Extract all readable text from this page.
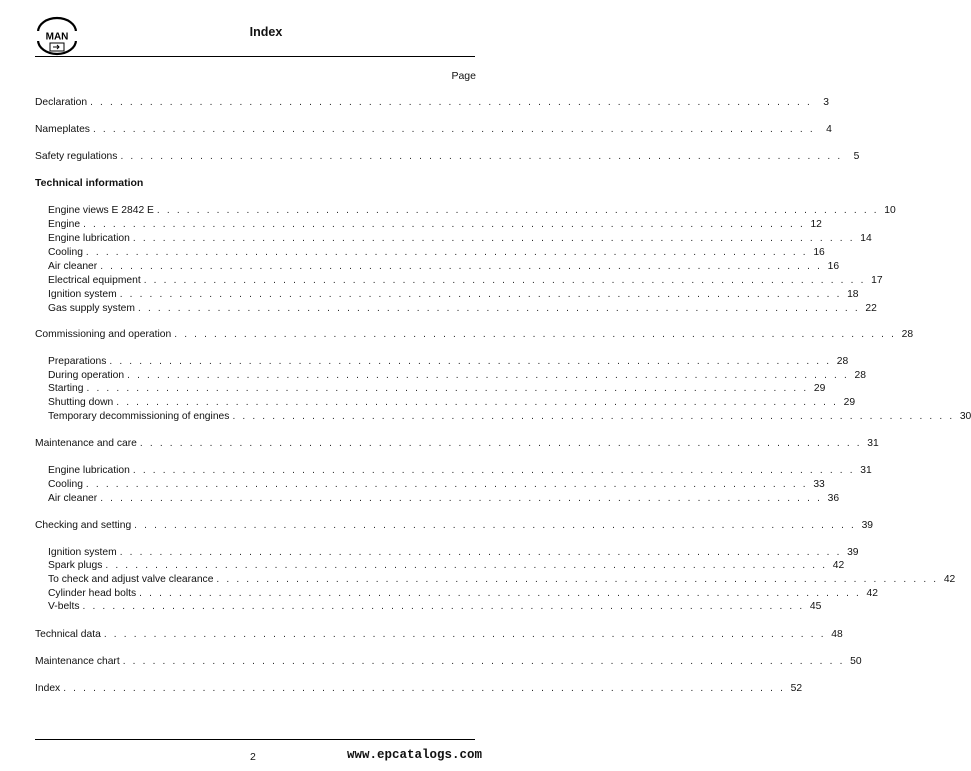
MAN	Index
Page
2	www.epcatalogs.com
Declaration . . . . . . . . . . . . . . . . . . . . . . . . . . . . . . . . . . . . . . . . . . . . . . . . . . . . . . . . . . . . . . . . . . . . . . . . .	3
Nameplates . . . . . . . . . . . . . . . . . . . . . . . . . . . . . . . . . . . . . . . . . . . . . . . . . . . . . . . . . . . . . . . . . . . . . . . . .	4
Safety regulations . . . . . . . . . . . . . . . . . . . . . . . . . . . . . . . . . . . . . . . . . . . . . . . . . . . . . . . . . . . . . . . . . . . . . . . . .	5
Technical information
Engine views E 2842 E . . . . . . . . . . . . . . . . . . . . . . . . . . . . . . . . . . . . . . . . . . . . . . . . . . . . . . . . . . . . . . . . . . . . . . . . . 10
Engine . . . . . . . . . . . . . . . . . . . . . . . . . . . . . . . . . . . . . . . . . . . . . . . . . . . . . . . . . . . . . . . . . . . . . . . . . 12
Engine lubrication . . . . . . . . . . . . . . . . . . . . . . . . . . . . . . . . . . . . . . . . . . . . . . . . . . . . . . . . . . . . . . . . . . . . . . . . . 14
Cooling . . . . . . . . . . . . . . . . . . . . . . . . . . . . . . . . . . . . . . . . . . . . . . . . . . . . . . . . . . . . . . . . . . . . . . . . . 16
Air cleaner . . . . . . . . . . . . . . . . . . . . . . . . . . . . . . . . . . . . . . . . . . . . . . . . . . . . . . . . . . . . . . . . . . . . . . . . . 16
Electrical equipment . . . . . . . . . . . . . . . . . . . . . . . . . . . . . . . . . . . . . . . . . . . . . . . . . . . . . . . . . . . . . . . . . . . . . . . . . 17
Ignition system . . . . . . . . . . . . . . . . . . . . . . . . . . . . . . . . . . . . . . . . . . . . . . . . . . . . . . . . . . . . . . . . . . . . . . . . . 18
Gas supply system . . . . . . . . . . . . . . . . . . . . . . . . . . . . . . . . . . . . . . . . . . . . . . . . . . . . . . . . . . . . . . . . . . . . . . . . . 22
Commissioning and operation . . . . . . . . . . . . . . . . . . . . . . . . . . . . . . . . . . . . . . . . . . . . . . . . . . . . . . . . . . . . . . . . . . . . . . . . . 28
Preparations . . . . . . . . . . . . . . . . . . . . . . . . . . . . . . . . . . . . . . . . . . . . . . . . . . . . . . . . . . . . . . . . . . . . . . . . . 28
During operation . . . . . . . . . . . . . . . . . . . . . . . . . . . . . . . . . . . . . . . . . . . . . . . . . . . . . . . . . . . . . . . . . . . . . . . . . 28
Starting . . . . . . . . . . . . . . . . . . . . . . . . . . . . . . . . . . . . . . . . . . . . . . . . . . . . . . . . . . . . . . . . . . . . . . . . . 29
Shutting down . . . . . . . . . . . . . . . . . . . . . . . . . . . . . . . . . . . . . . . . . . . . . . . . . . . . . . . . . . . . . . . . . . . . . . . . . 29
Temporary decommissioning of engines . . . . . . . . . . . . . . . . . . . . . . . . . . . . . . . . . . . . . . . . . . . . . . . . . . . . . . . . . . . . . . . . . . . . . . . . . 30
Maintenance and care . . . . . . . . . . . . . . . . . . . . . . . . . . . . . . . . . . . . . . . . . . . . . . . . . . . . . . . . . . . . . . . . . . . . . . . . . 31
Engine lubrication . . . . . . . . . . . . . . . . . . . . . . . . . . . . . . . . . . . . . . . . . . . . . . . . . . . . . . . . . . . . . . . . . . . . . . . . . 31
Cooling . . . . . . . . . . . . . . . . . . . . . . . . . . . . . . . . . . . . . . . . . . . . . . . . . . . . . . . . . . . . . . . . . . . . . . . . . 33
Air cleaner . . . . . . . . . . . . . . . . . . . . . . . . . . . . . . . . . . . . . . . . . . . . . . . . . . . . . . . . . . . . . . . . . . . . . . . . . 36
Checking and setting . . . . . . . . . . . . . . . . . . . . . . . . . . . . . . . . . . . . . . . . . . . . . . . . . . . . . . . . . . . . . . . . . . . . . . . . . 39
Ignition system . . . . . . . . . . . . . . . . . . . . . . . . . . . . . . . . . . . . . . . . . . . . . . . . . . . . . . . . . . . . . . . . . . . . . . . . . 39
Spark plugs . . . . . . . . . . . . . . . . . . . . . . . . . . . . . . . . . . . . . . . . . . . . . . . . . . . . . . . . . . . . . . . . . . . . . . . . . 42
To check and adjust valve clearance . . . . . . . . . . . . . . . . . . . . . . . . . . . . . . . . . . . . . . . . . . . . . . . . . . . . . . . . . . . . . . . . . . . . . . . . . 42
Cylinder head bolts . . . . . . . . . . . . . . . . . . . . . . . . . . . . . . . . . . . . . . . . . . . . . . . . . . . . . . . . . . . . . . . . . . . . . . . . . 42
V-belts . . . . . . . . . . . . . . . . . . . . . . . . . . . . . . . . . . . . . . . . . . . . . . . . . . . . . . . . . . . . . . . . . . . . . . . . . 45
Technical data . . . . . . . . . . . . . . . . . . . . . . . . . . . . . . . . . . . . . . . . . . . . . . . . . . . . . . . . . . . . . . . . . . . . . . . . . 48
Maintenance chart . . . . . . . . . . . . . . . . . . . . . . . . . . . . . . . . . . . . . . . . . . . . . . . . . . . . . . . . . . . . . . . . . . . . . . . . . 50
Index . . . . . . . . . . . . . . . . . . . . . . . . . . . . . . . . . . . . . . . . . . . . . . . . . . . . . . . . . . . . . . . . . . . . . . . . . 52
